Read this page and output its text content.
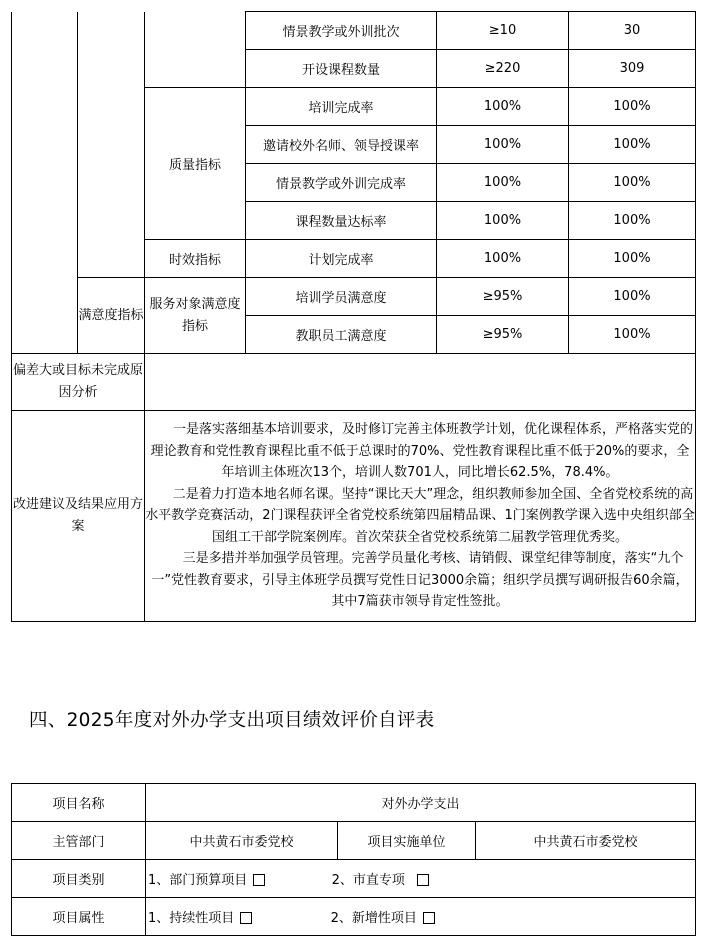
			情景教学或外训批次	≥10	30
			开设课程数量	≥220	309
		质量指标	培训完成率	100%	100%
			邀请校外名师、领导授课率	100%	100%
			情景教学或外训完成率	100%	100%
			课程数量达标率	100%	100%
		时效指标	计划完成率	100%	100%
	满意度指标	服务对象满意度指标	培训学员满意度	≥95%	100%
			教职员工满意度	≥95%	100%
偏差大或目标未完成原因分析					
改进建议及结果应用方案		一是落实落细基本培训要求，及时修订完善主体班教学计划，优化课程体系，严格落实党的理论教育和党性教育课程比重不低于总课时的70%、党性教育课程比重不低于20%的要求，全年培训主体班次13个，培训人数701人，同比增长62.5%，78.4%。

二是着力打造本地名师名课。坚持“课比天大”理念，组织教师参加全国、全省党校系统的高水平教学竞赛活动，2门课程获评全省党校系统第四届精品课、1门案例教学课入选中央组织部全国组工干部学院案例库。首次荣获全省党校系统第二届教学管理优秀奖。

三是多措并举加强学员管理。完善学员量化考核、请销假、课堂纪律等制度，落实“九个一”党性教育要求，引导主体班学员撰写党性日记3000余篇；组织学员撰写调研报告60余篇，其中7篇获市领导肯定性签批。			

四、2025年度对外办学支出项目绩效评价自评表
项目名称	对外办学支出		
主管部门	中共黄石市委党校	项目实施单位	中共黄石市委党校
项目类别	1、部门预算项目 2、市直专项		
项目属性	1、持续性项目 2、新增性项目		
